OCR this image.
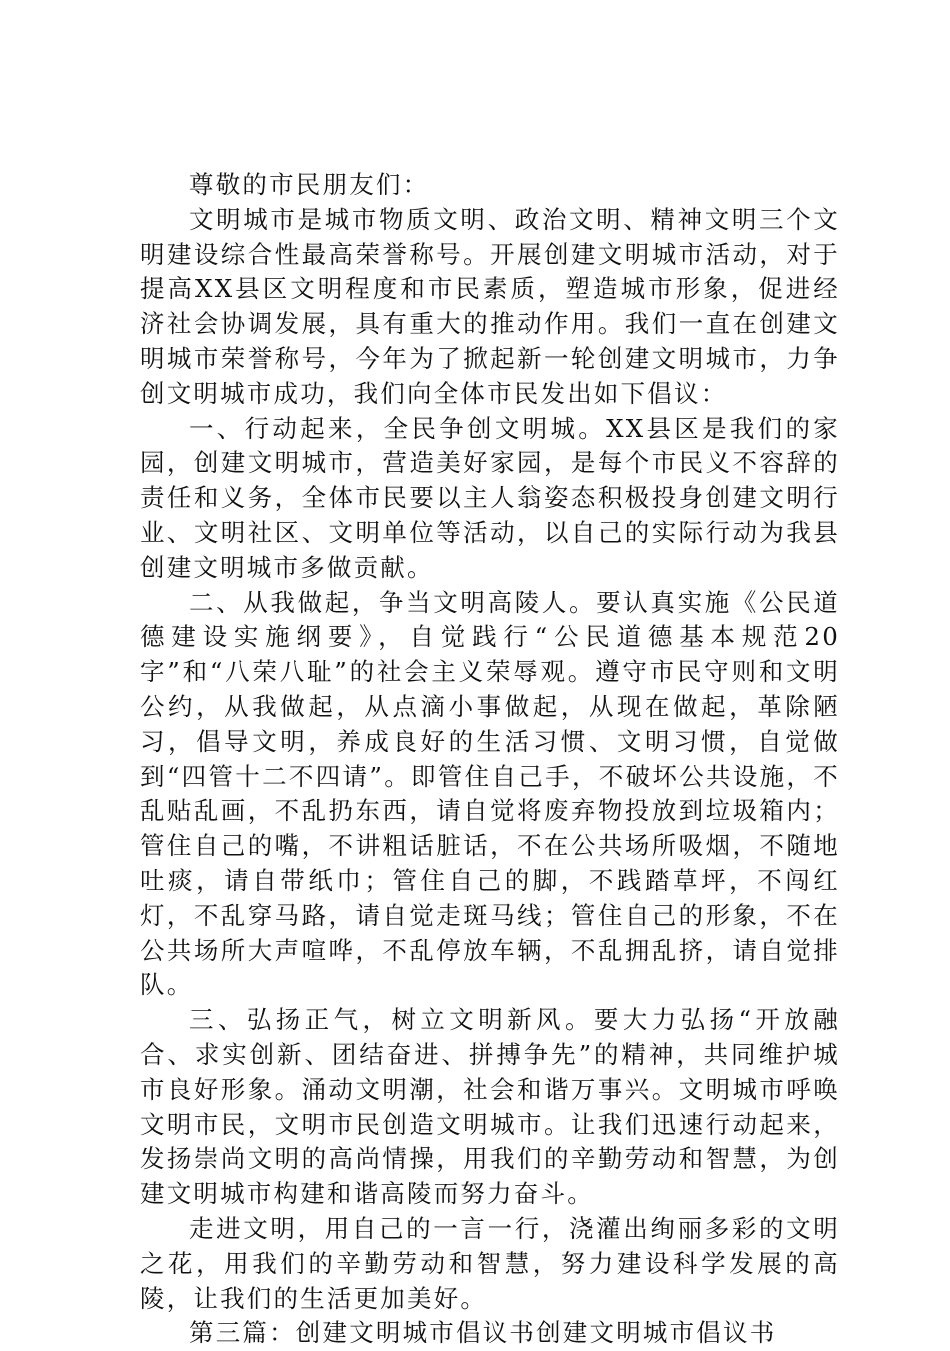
尊敬的市民朋友们：

文明城市是城市物质文明、政治文明、精神文明三个文明建设综合性最高荣誉称号。开展创建文明城市活动，对于提高XX县区文明程度和市民素质，塑造城市形象，促进经济社会协调发展，具有重大的推动作用。我们一直在创建文明城市荣誉称号，今年为了掀起新一轮创建文明城市，力争创文明城市成功，我们向全体市民发出如下倡议：

一、行动起来，全民争创文明城。XX县区是我们的家园，创建文明城市，营造美好家园，是每个市民义不容辞的责任和义务，全体市民要以主人翁姿态积极投身创建文明行业、文明社区、文明单位等活动，以自己的实际行动为我县创建文明城市多做贡献。

二、从我做起，争当文明高陵人。要认真实施《公民道德建设实施纲要》，自觉践行“公民道德基本规范20字”和“八荣八耻”的社会主义荣辱观。遵守市民守则和文明公约，从我做起，从点滴小事做起，从现在做起，革除陋习，倡导文明，养成良好的生活习惯、文明习惯，自觉做到“四管十二不四请”。即管住自己手，不破坏公共设施，不乱贴乱画，不乱扔东西，请自觉将废弃物投放到垃圾箱内；管住自己的嘴，不讲粗话脏话，不在公共场所吸烟，不随地吐痰，请自带纸巾；管住自己的脚，不践踏草坪，不闯红灯，不乱穿马路，请自觉走斑马线；管住自己的形象，不在公共场所大声喧哗，不乱停放车辆，不乱拥乱挤，请自觉排队。

三、弘扬正气，树立文明新风。要大力弘扬“开放融合、求实创新、团结奋进、拼搏争先”的精神，共同维护城市良好形象。涌动文明潮，社会和谐万事兴。文明城市呼唤文明市民，文明市民创造文明城市。让我们迅速行动起来，发扬崇尚文明的高尚情操，用我们的辛勤劳动和智慧，为创建文明城市构建和谐高陵而努力奋斗。

走进文明，用自己的一言一行，浇灌出绚丽多彩的文明之花，用我们的辛勤劳动和智慧，努力建设科学发展的高陵，让我们的生活更加美好。

第三篇：创建文明城市倡议书创建文明城市倡议书
